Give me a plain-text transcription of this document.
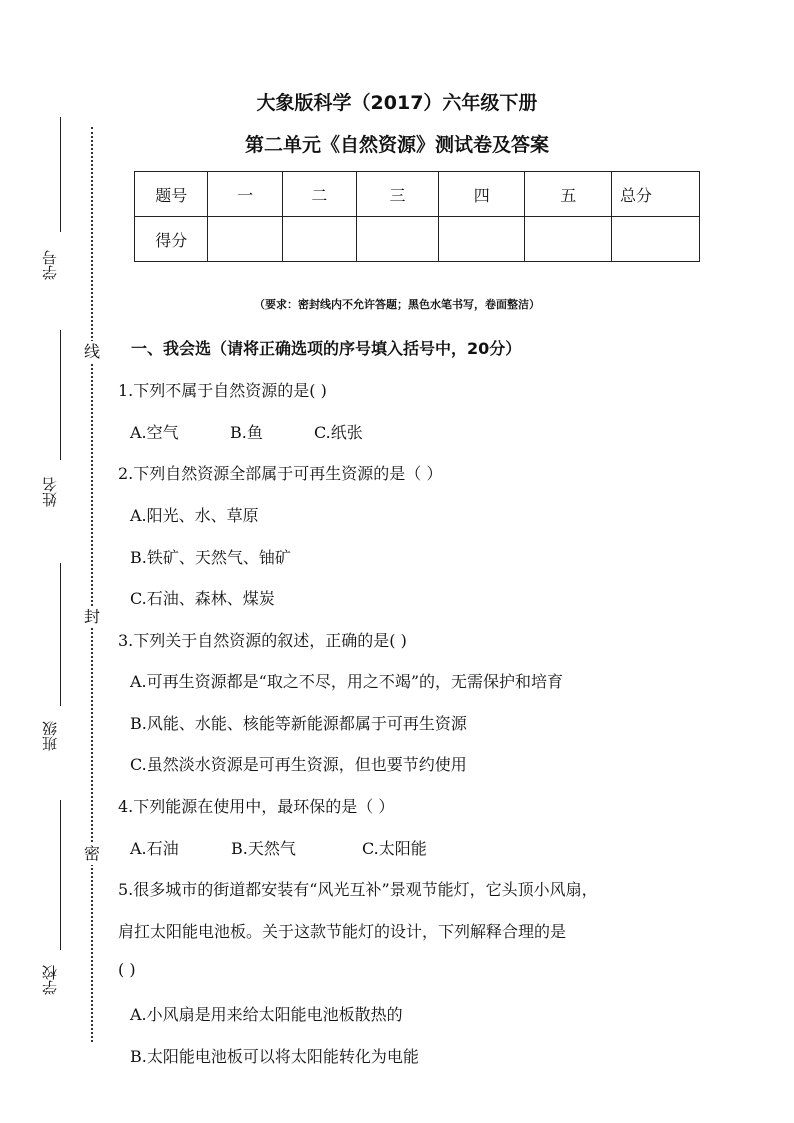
学号
姓名
班级
学校
线
封
密
大象版科学（2017）六年级下册
第二单元《自然资源》测试卷及答案
题号	一	二	三	四	五	总分
得分						
（要求：密封线内不允许答题；黑色水笔书写，卷面整洁）
一、我会选（请将正确选项的序号填入括号中，20分）
1.下列不属于自然资源的是( )
A.空气	B.鱼	C.纸张
2.下列自然资源全部属于可再生资源的是（ ）
A.阳光、水、草原
B.铁矿、天然气、铀矿
C.石油、森林、煤炭
3.下列关于自然资源的叙述，正确的是( )
A.可再生资源都是“取之不尽，用之不竭”的，无需保护和培育
B.风能、水能、核能等新能源都属于可再生资源
C.虽然淡水资源是可再生资源，但也要节约使用
4.下列能源在使用中，最环保的是（ ）
A.石油	B.天然气	C.太阳能
5.很多城市的街道都安装有“风光互补”景观节能灯，它头顶小风扇，
肩扛太阳能电池板。关于这款节能灯的设计，下列解释合理的是
( )
A.小风扇是用来给太阳能电池板散热的
B.太阳能电池板可以将太阳能转化为电能
